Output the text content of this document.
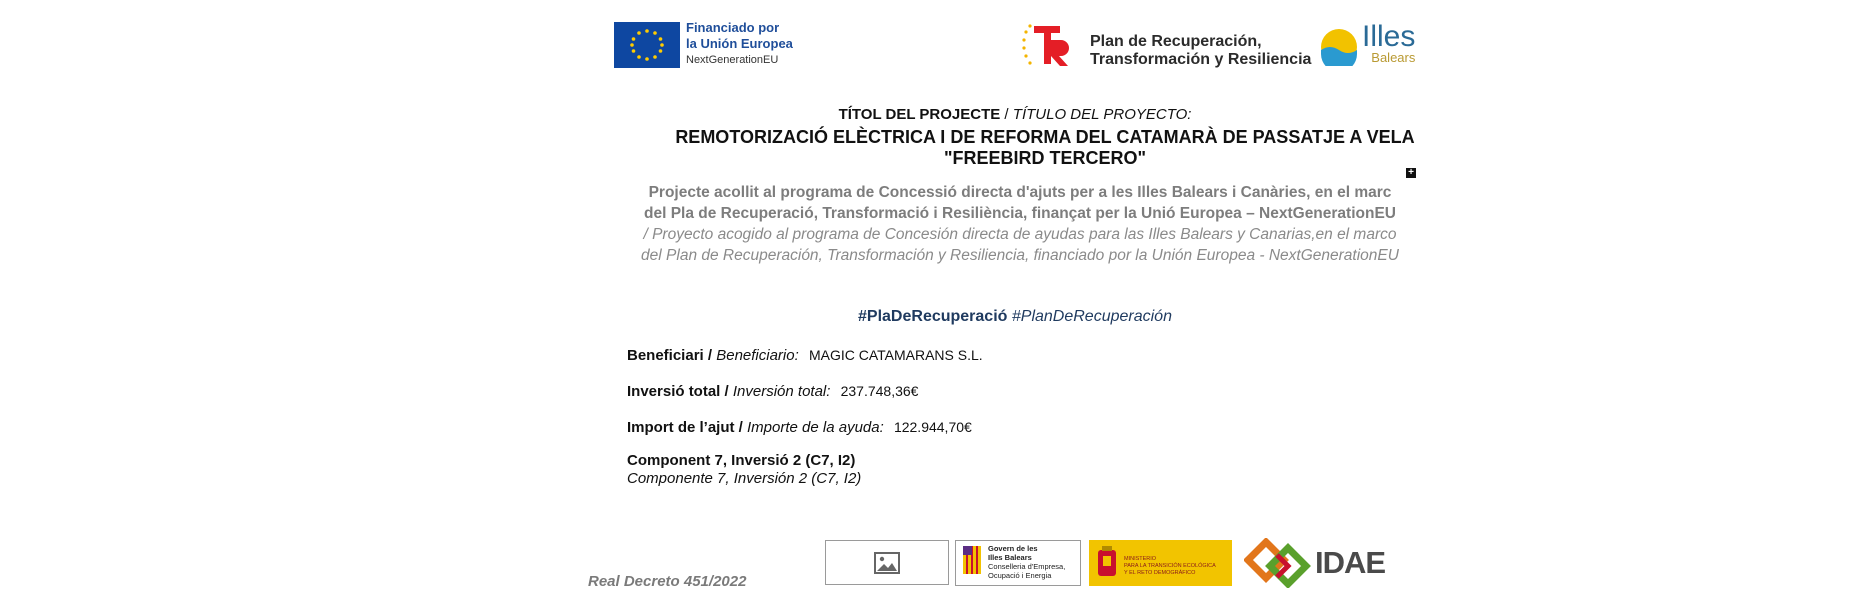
Financiado por
la Unión Europea
NextGenerationEU
Plan de Recuperación,
Transformación y Resiliencia
Illes
Balears
TÍTOL DEL PROJECTE / TÍTULO DEL PROYECTO:
REMOTORIZACIÓ ELÈCTRICA I DE REFORMA DEL CATAMARÀ DE PASSATJE A VELA "FREEBIRD TERCERO"
+
Projecte acollit al programa de Concessió directa d'ajuts per a les Illes Balears i Canàries, en el marc del Pla de Recuperació, Transformació i Resiliència, finançat per la Unió Europea – NextGenerationEU / Proyecto acogido al programa de Concesión directa de ayudas para las Illes Balears y Canarias,en el marco del Plan de Recuperación, Transformación y Resiliencia, financiado por la Unión Europea - NextGenerationEU
#PlaDeRecuperació #PlanDeRecuperación
Beneficiari / Beneficiario: MAGIC CATAMARANS S.L.
Inversió total / Inversión total: 237.748,36€
Import de l’ajut / Importe de la ayuda: 122.944,70€
Component 7, Inversió 2 (C7, I2)
Componente 7, Inversión 2 (C7, I2)
Real Decreto 451/2022
Govern de les
Illes Balears
Conselleria d'Empresa,
Ocupació i Energia
MINISTERIO
PARA LA TRANSICIÓN ECOLÓGICA
Y EL RETO DEMOGRÁFICO	IDAE
